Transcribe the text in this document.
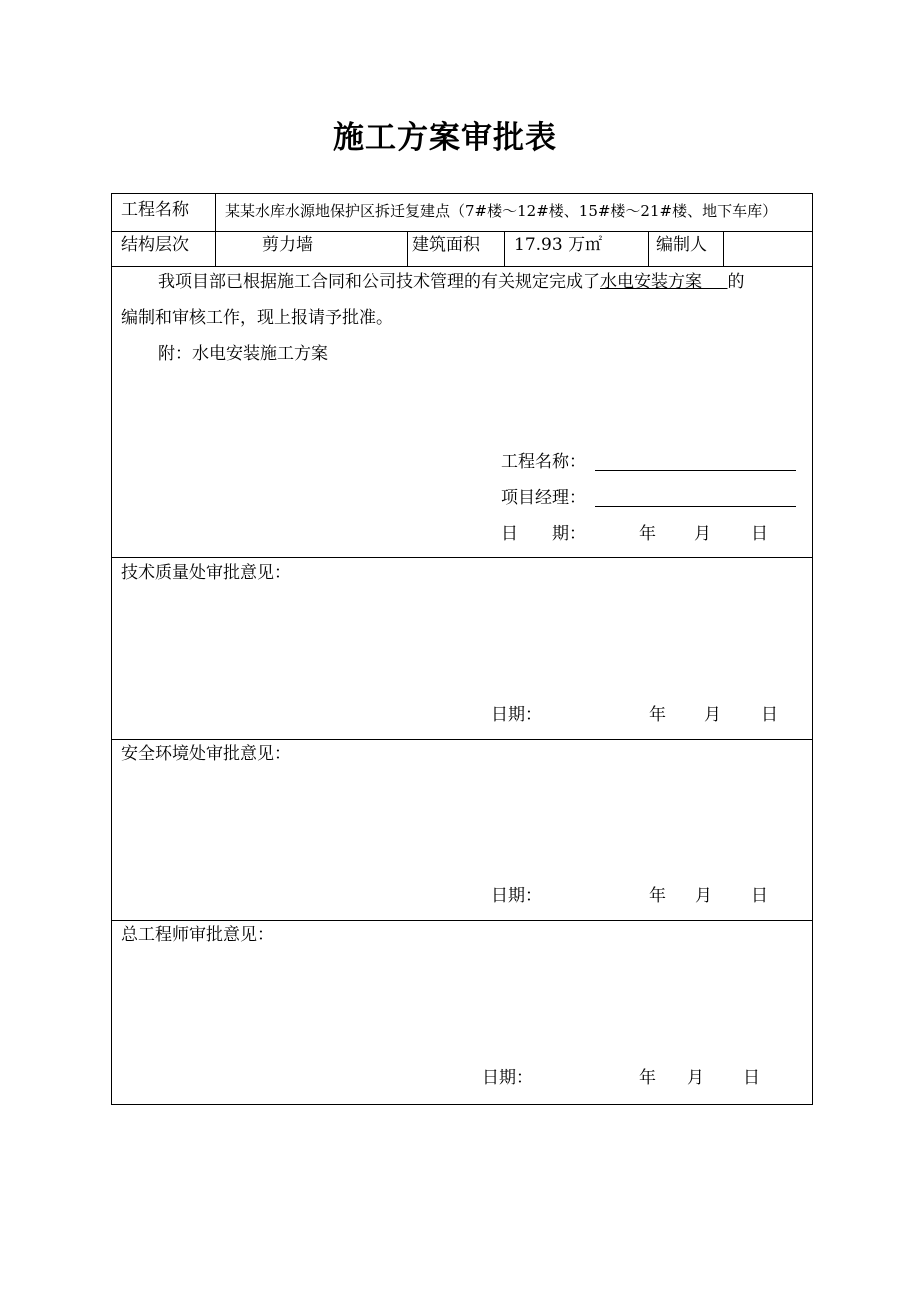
施工方案审批表
工程名称 某某水库水源地保护区拆迁复建点（7#楼～12#楼、15#楼～21#楼、地下车库）
结构层次	剪力墙	建筑面积 17.93 万㎡	编制人
我项目部已根据施工合同和公司技术管理的有关规定完成了水电安装方案   的
编制和审核工作，现上报请予批准。
附：水电安装施工方案
工程名称：
项目经理：
日　　期：	年 月 日
技术质量处审批意见：
日期：	年 月 日
安全环境处审批意见：
日期：	年 月 日
总工程师审批意见：
日期：	年 月 日
